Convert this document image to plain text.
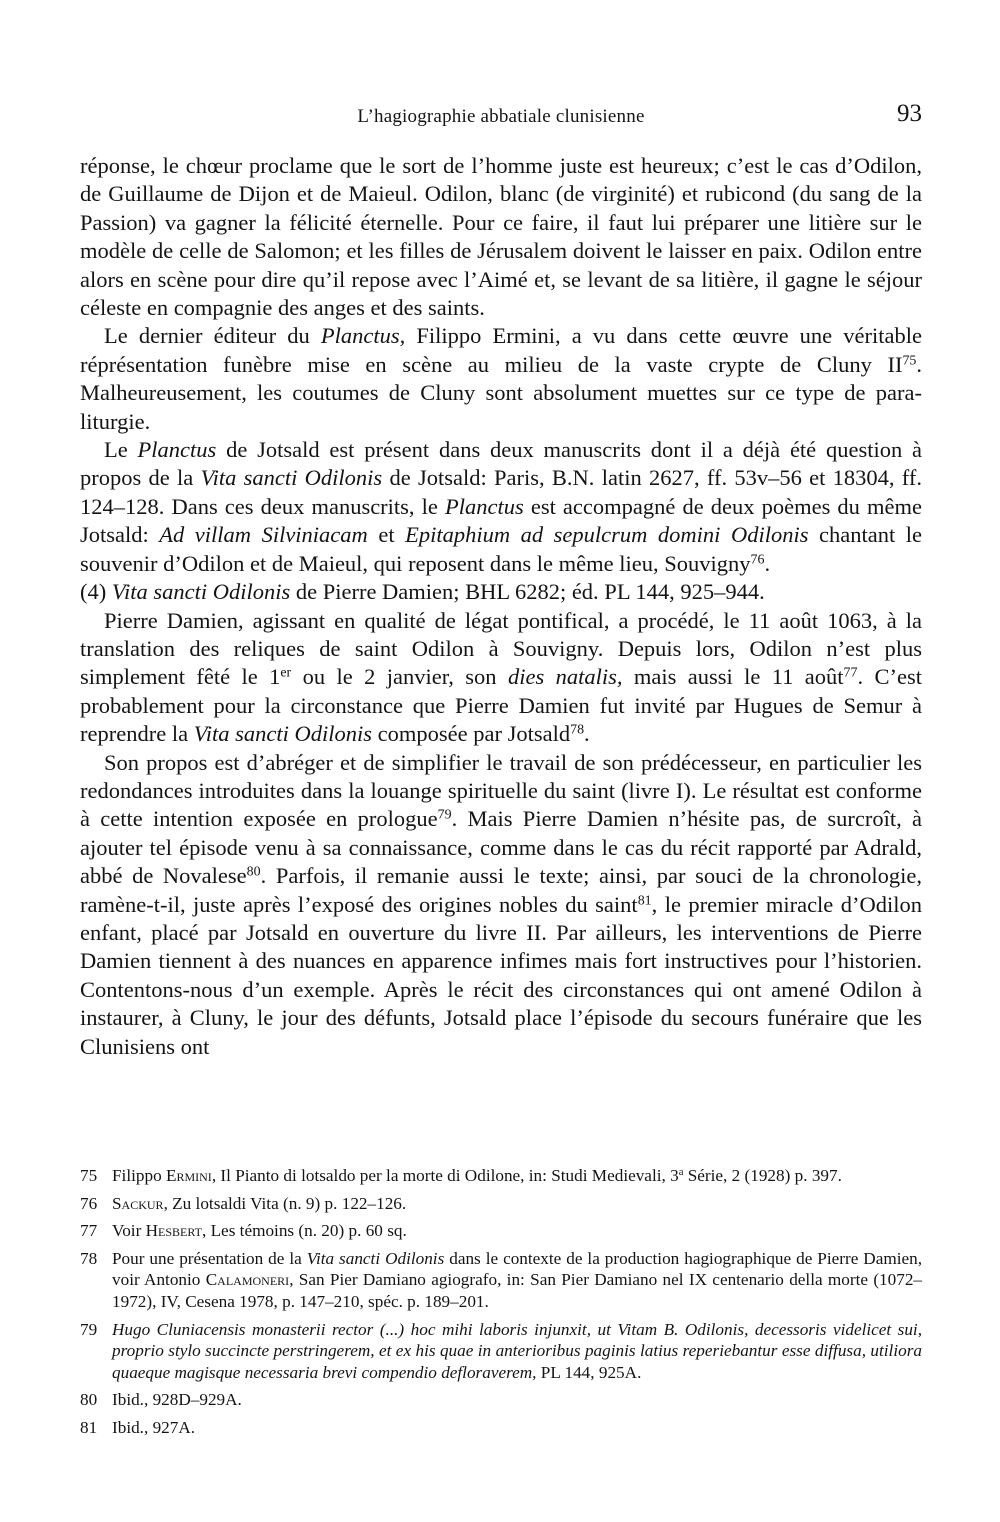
L’hagiographie abbatiale clunisienne	93

réponse, le chœur proclame que le sort de l’homme juste est heureux; c’est le cas d’Odilon, de Guillaume de Dijon et de Maieul. Odilon, blanc (de virginité) et rubicond (du sang de la Passion) va gagner la félicité éternelle. Pour ce faire, il faut lui préparer une litière sur le modèle de celle de Salomon; et les filles de Jérusalem doivent le laisser en paix. Odilon entre alors en scène pour dire qu’il repose avec l’Aimé et, se levant de sa litière, il gagne le séjour céleste en compagnie des anges et des saints.

Le dernier éditeur du Planctus, Filippo Ermini, a vu dans cette œuvre une véritable réprésentation funèbre mise en scène au milieu de la vaste crypte de Cluny II$^{75}$. Malheureusement, les coutumes de Cluny sont absolument muettes sur ce type de para-liturgie.

Le Planctus de Jotsald est présent dans deux manuscrits dont il a déjà été question à propos de la Vita sancti Odilonis de Jotsald: Paris, B.N. latin 2627, ff. 53v–56 et 18304, ff. 124–128. Dans ces deux manuscrits, le Planctus est accompagné de deux poèmes du même Jotsald: Ad villam Silviniacam et Epitaphium ad sepulcrum domini Odilonis chantant le souvenir d’Odilon et de Maieul, qui reposent dans le même lieu, Souvigny$^{76}$.

(4) Vita sancti Odilonis de Pierre Damien; BHL 6282; éd. PL 144, 925–944.

Pierre Damien, agissant en qualité de légat pontifical, a procédé, le 11 août 1063, à la translation des reliques de saint Odilon à Souvigny. Depuis lors, Odilon n’est plus simplement fêté le 1er ou le 2 janvier, son dies natalis, mais aussi le 11 août$^{77}$. C’est probablement pour la circonstance que Pierre Damien fut invité par Hugues de Semur à reprendre la Vita sancti Odilonis composée par Jotsald$^{78}$.

Son propos est d’abréger et de simplifier le travail de son prédécesseur, en particulier les redondances introduites dans la louange spirituelle du saint (livre I). Le résultat est conforme à cette intention exposée en prologue$^{79}$. Mais Pierre Damien n’hésite pas, de surcroît, à ajouter tel épisode venu à sa connaissance, comme dans le cas du récit rapporté par Adrald, abbé de Novalese$^{80}$. Parfois, il remanie aussi le texte; ainsi, par souci de la chronologie, ramène-t-il, juste après l’exposé des origines nobles du saint$^{81}$, le premier miracle d’Odilon enfant, placé par Jotsald en ouverture du livre II. Par ailleurs, les interventions de Pierre Damien tiennent à des nuances en apparence infimes mais fort instructives pour l’historien. Contentons-nous d’un exemple. Après le récit des circonstances qui ont amené Odilon à instaurer, à Cluny, le jour des défunts, Jotsald place l’épisode du secours funéraire que les Clunisiens ont

75 Filippo Ermini, Il Pianto di lotsaldo per la morte di Odilone, in: Studi Medievali, 3$^a$ Série, 2 (1928) p. 397.
76 Sackur, Zu lotsaldi Vita (n. 9) p. 122–126.
77 Voir Hesbert, Les témoins (n. 20) p. 60 sq.
78 Pour une présentation de la Vita sancti Odilonis dans le contexte de la production hagiographique de Pierre Damien, voir Antonio Calamoneri, San Pier Damiano agiografo, in: San Pier Damiano nel IX centenario della morte (1072–1972), IV, Cesena 1978, p. 147–210, spéc. p. 189–201.
79 Hugo Cluniacensis monasterii rector (...) hoc mihi laboris injunxit, ut Vitam B. Odilonis, decessoris videlicet sui, proprio stylo succincte perstringerem, et ex his quae in anterioribus paginis latius reperiebantur esse diffusa, utiliora quaeque magisque necessaria brevi compendio defloraverem, PL 144, 925A.
80 Ibid., 928D–929A.
81 Ibid., 927A.
